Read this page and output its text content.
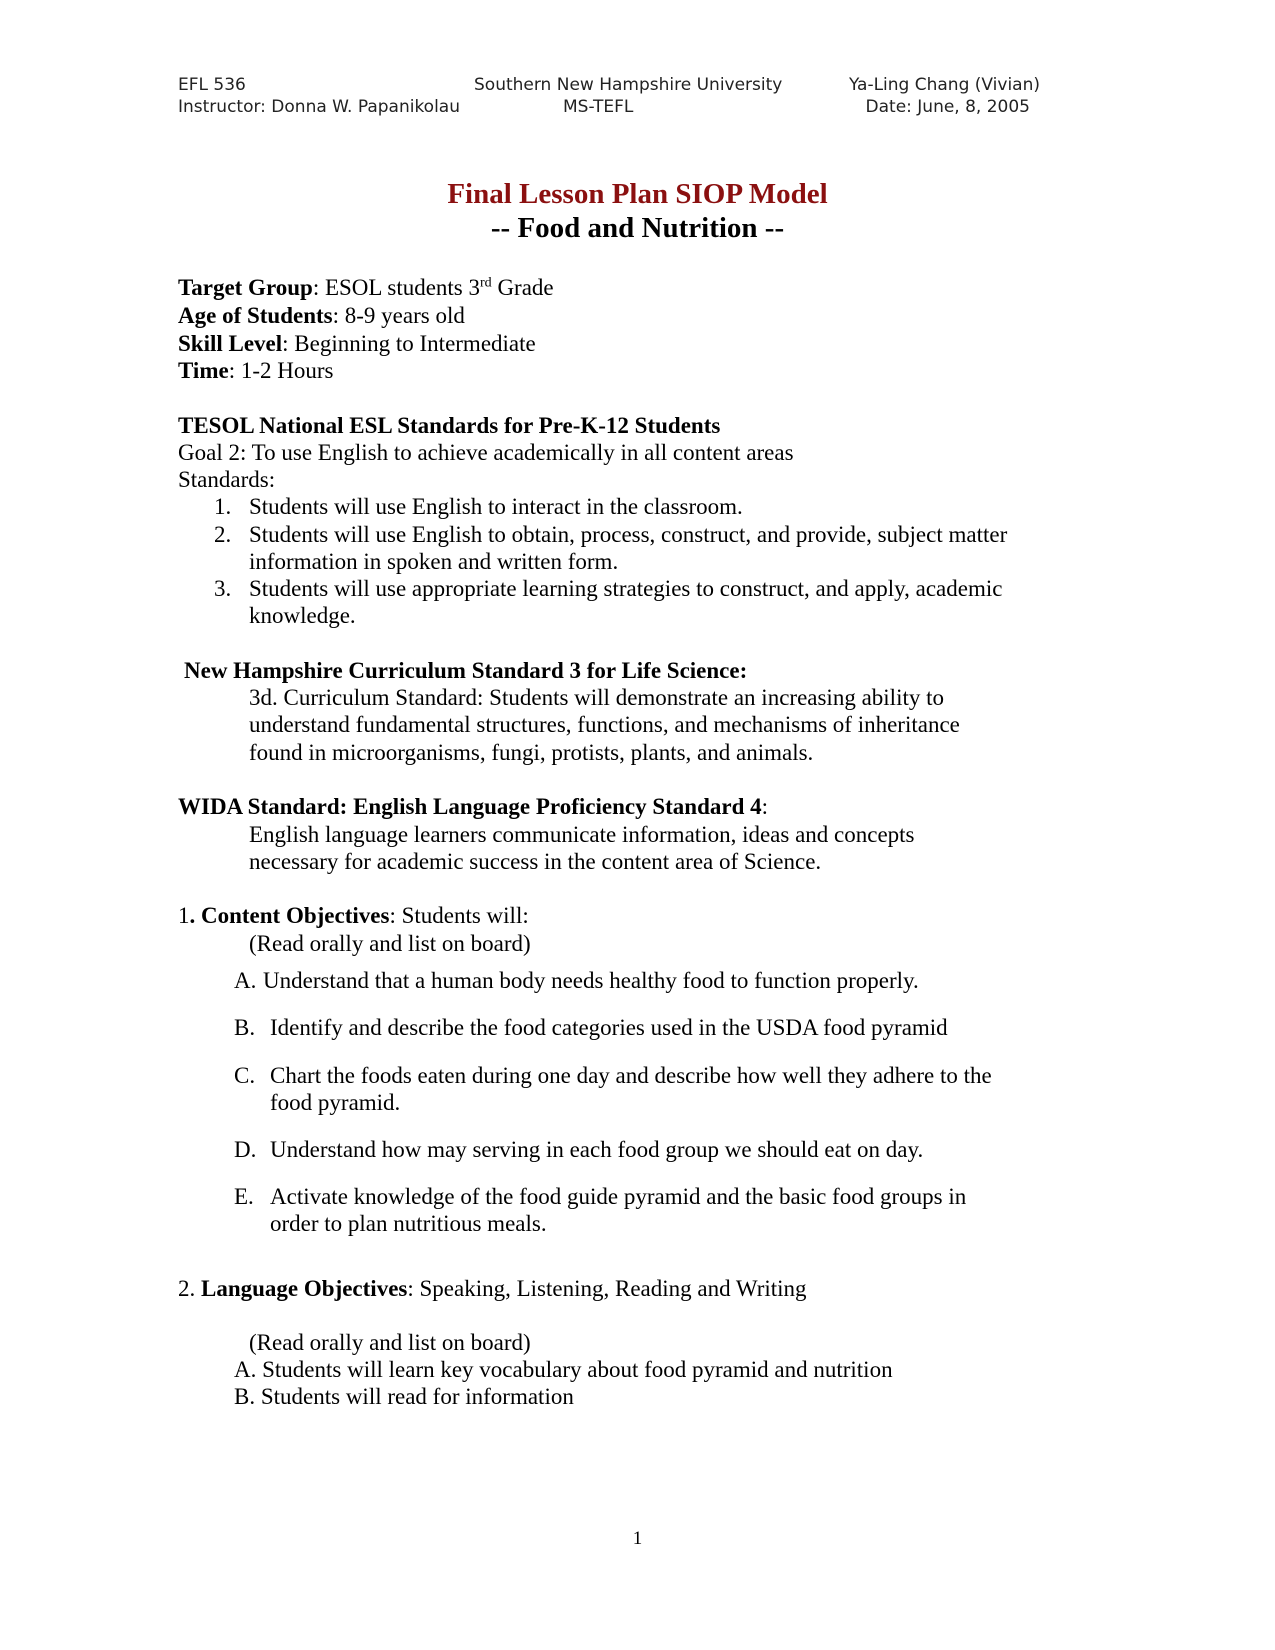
EFL 536
Instructor: Donna W. Papanikolau
Southern New Hampshire University
MS-TEFL
Ya-Ling Chang (Vivian)
Date: June, 8, 2005
Final Lesson Plan SIOP Model
-- Food and Nutrition --
Target Group: ESOL students 3rd Grade
Age of Students: 8-9 years old
Skill Level: Beginning to Intermediate
Time: 1-2 Hours
TESOL National ESL Standards for Pre-K-12 Students
Goal 2: To use English to achieve academically in all content areas
Standards:
1. Students will use English to interact in the classroom.
2. Students will use English to obtain, process, construct, and provide, subject matter
information in spoken and written form.
3. Students will use appropriate learning strategies to construct, and apply, academic
knowledge.
New Hampshire Curriculum Standard 3 for Life Science:
3d. Curriculum Standard: Students will demonstrate an increasing ability to
understand fundamental structures, functions, and mechanisms of inheritance
found in microorganisms, fungi, protists, plants, and animals.
WIDA Standard: English Language Proficiency Standard 4:
English language learners communicate information, ideas and concepts
necessary for academic success in the content area of Science.
1. Content Objectives: Students will:
(Read orally and list on board)
A. Understand that a human body needs healthy food to function properly.
B. Identify and describe the food categories used in the USDA food pyramid
C. Chart the foods eaten during one day and describe how well they adhere to the
food pyramid.
D. Understand how may serving in each food group we should eat on day.
E. Activate knowledge of the food guide pyramid and the basic food groups in
order to plan nutritious meals.
2. Language Objectives: Speaking, Listening, Reading and Writing
(Read orally and list on board)
A. Students will learn key vocabulary about food pyramid and nutrition
B. Students will read for information
1
